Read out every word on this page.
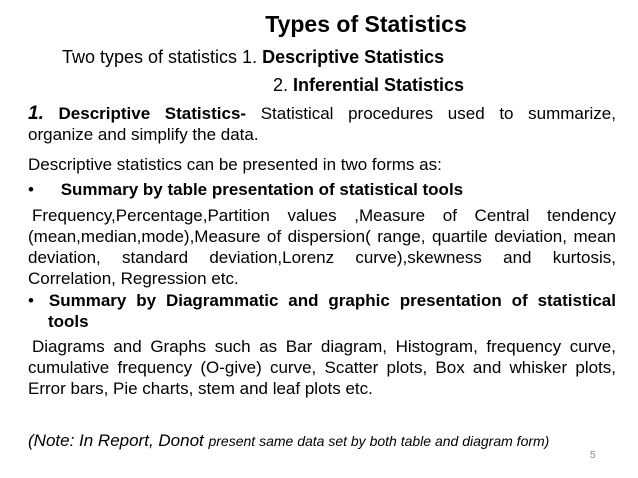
Types of Statistics
Two types of statistics 1. Descriptive Statistics
2. Inferential Statistics
1. Descriptive Statistics- Statistical procedures used to summarize, organize and simplify the data.
Descriptive statistics can be presented in two forms as:
• Summary by table presentation of statistical tools
Frequency,Percentage,Partition values ,Measure of Central tendency (mean,median,mode),Measure of dispersion( range, quartile deviation, mean deviation, standard deviation,Lorenz curve),skewness and kurtosis, Correlation, Regression etc.
• Summary by Diagrammatic and graphic presentation of statistical tools
Diagrams and Graphs such as Bar diagram, Histogram, frequency curve, cumulative frequency (O-give) curve, Scatter plots, Box and whisker plots, Error bars, Pie charts, stem and leaf plots etc.
(Note: In Report, Donot present same data set by both table and diagram form)
5
